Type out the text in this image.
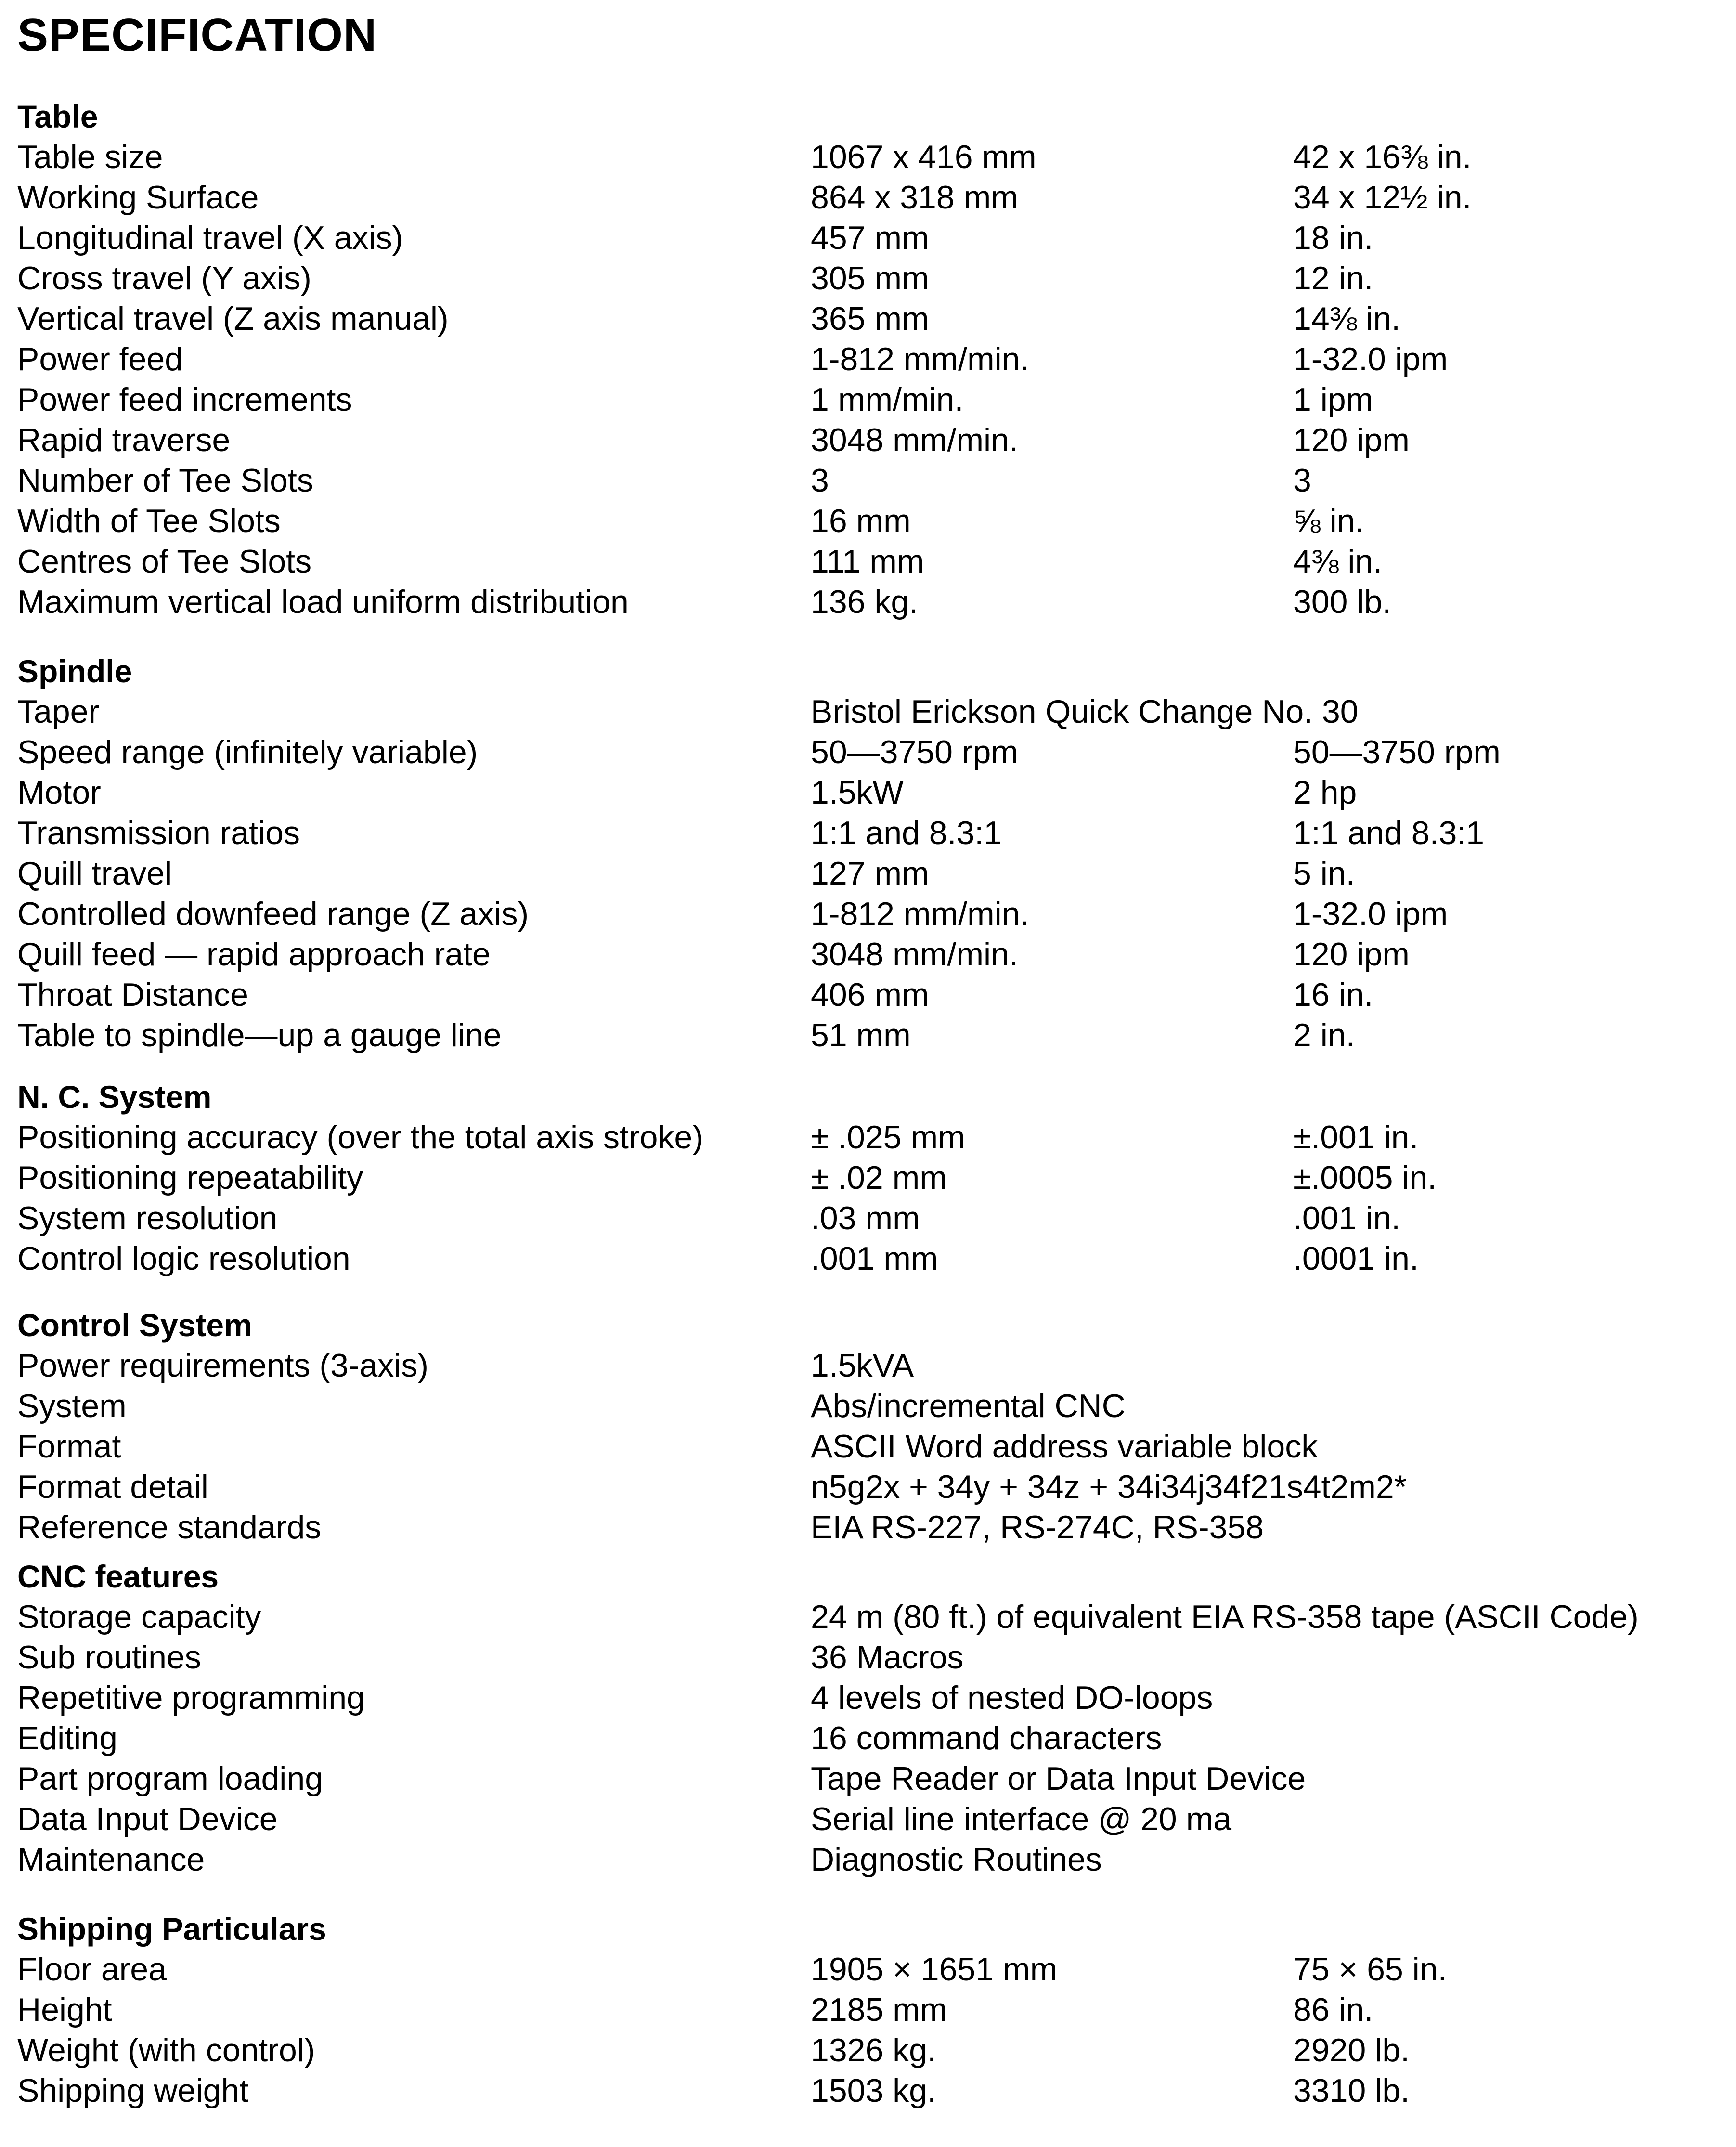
SPECIFICATION
Table
Table size	1067 x 416 mm	42 x 16⅜ in.
Working Surface	864 x 318 mm	34 x 12½ in.
Longitudinal travel (X axis)	457 mm	18 in.
Cross travel (Y axis)	305 mm	12 in.
Vertical travel (Z axis manual)	365 mm	14⅜ in.
Power feed	1-812 mm/min.	1-32.0 ipm
Power feed increments	1 mm/min.	1 ipm
Rapid traverse	3048 mm/min.	120 ipm
Number of Tee Slots	3	3
Width of Tee Slots	16 mm	⅝ in.
Centres of Tee Slots	111 mm	4⅜ in.
Maximum vertical load uniform distribution	136 kg.	300 lb.
Spindle
Taper	Bristol Erickson Quick Change No. 30
Speed range (infinitely variable)	50—3750 rpm	50—3750 rpm
Motor	1.5kW	2 hp
Transmission ratios	1:1 and 8.3:1	1:1 and 8.3:1
Quill travel	127 mm	5 in.
Controlled downfeed range (Z axis)	1-812 mm/min.	1-32.0 ipm
Quill feed — rapid approach rate	3048 mm/min.	120 ipm
Throat Distance	406 mm	16 in.
Table to spindle—up a gauge line	51 mm	2 in.
N. C. System
Positioning accuracy (over the total axis stroke)	± .025 mm	±.001 in.
Positioning repeatability	± .02 mm	±.0005 in.
System resolution	.03 mm	.001 in.
Control logic resolution	.001 mm	.0001 in.
Control System
Power requirements (3-axis)	1.5kVA
System	Abs/incremental CNC
Format	ASCII Word address variable block
Format detail	n5g2x + 34y + 34z + 34i34j34f21s4t2m2*
Reference standards	EIA RS-227, RS-274C, RS-358
CNC features
Storage capacity	24 m (80 ft.) of equivalent EIA RS-358 tape (ASCII Code)
Sub routines	36 Macros
Repetitive programming	4 levels of nested DO-loops
Editing	16 command characters
Part program loading	Tape Reader or Data Input Device
Data Input Device	Serial line interface @ 20 ma
Maintenance	Diagnostic Routines
Shipping Particulars
Floor area	1905 × 1651 mm	75 × 65 in.
Height	2185 mm	86 in.
Weight (with control)	1326 kg.	2920 lb.
Shipping weight	1503 kg.	3310 lb.
